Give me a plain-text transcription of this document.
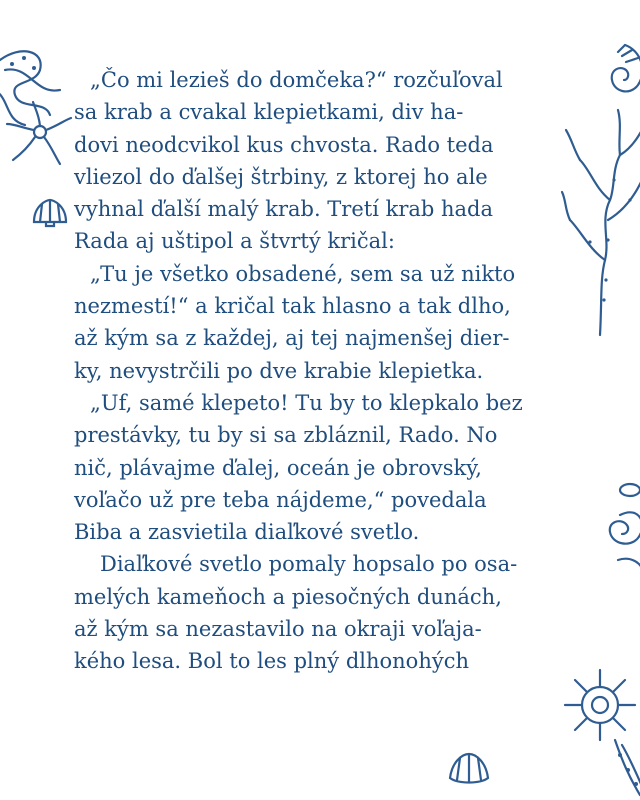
„Čo mi lezieš do domčeka?“ rozčuľoval
sa krab a cvakal klepietkami, div ha-
dovi neodcvikol kus chvosta. Rado teda
vliezol do ďalšej štrbiny, z ktorej ho ale
vyhnal ďalší malý krab. Tretí krab hada
Rada aj uštipol a štvrtý kričal:
„Tu je všetko obsadené, sem sa už nikto
nezmestí!“ a kričal tak hlasno a tak dlho,
až kým sa z každej, aj tej najmenšej dier-
ky, nevystrčili po dve krabie klepietka.
„Uf, samé klepeto! Tu by to klepkalo bez
prestávky, tu by si sa zbláznil, Rado. No
nič, plávajme ďalej, oceán je obrovský,
voľačo už pre teba nájdeme,“ povedala
Biba a zasvietila diaľkové svetlo.
Diaľkové svetlo pomaly hopsalo po osa-
melých kameňoch a piesočných dunách,
až kým sa nezastavilo na okraji voľaja-
kého lesa. Bol to les plný dlhonohých
